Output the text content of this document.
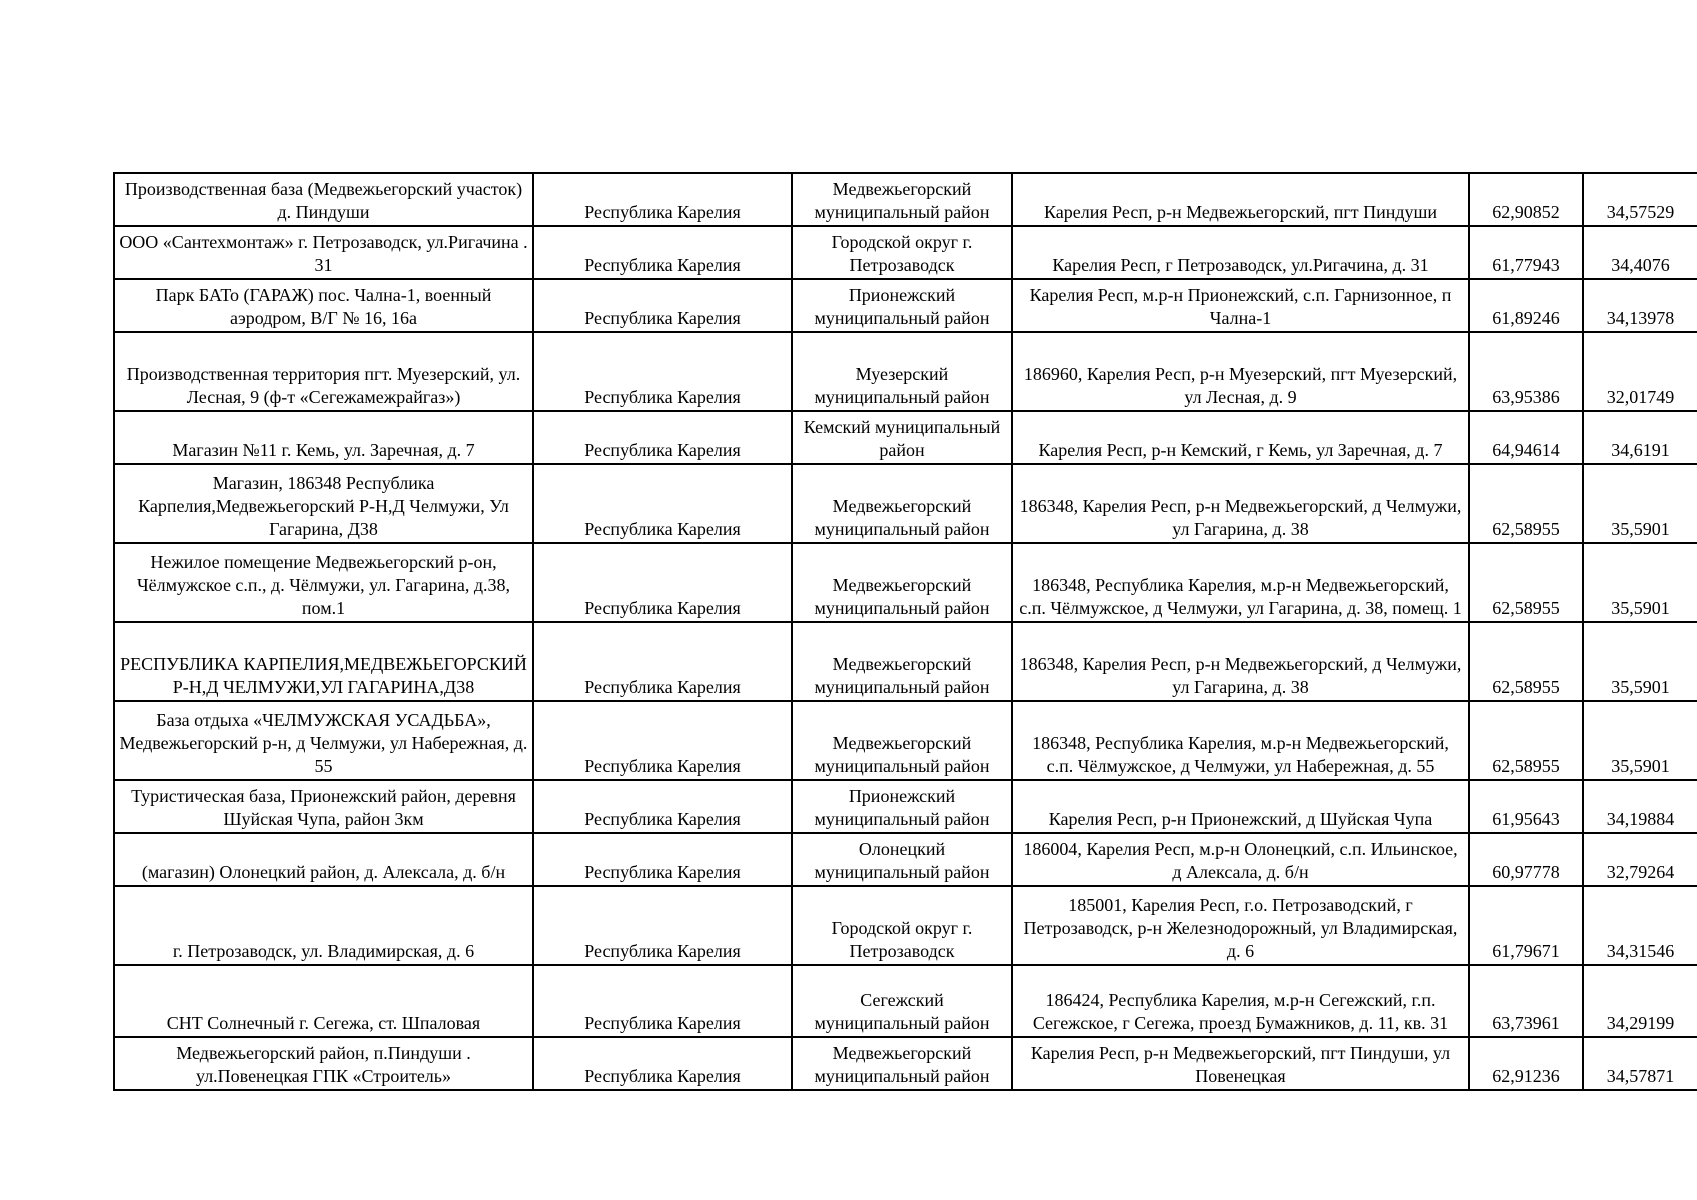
Производственная база (Медвежьегорский участок) д. Пиндуши	Республика Карелия	Медвежьегорский муниципальный район	Карелия Респ, р-н Медвежьегорский, пгт Пиндуши	62,90852	34,57529
ООО «Сантехмонтаж» г. Петрозаводск, ул.Ригачина . 31	Республика Карелия	Городской округ г. Петрозаводск	Карелия Респ, г Петрозаводск, ул.Ригачина, д. 31	61,77943	34,4076
Парк БАТо (ГАРАЖ) пос. Чална-1, военный аэродром, В/Г № 16, 16а	Республика Карелия	Прионежский муниципальный район	Карелия Респ, м.р-н Прионежский, с.п. Гарнизонное, п Чална-1	61,89246	34,13978
Производственная территория пгт. Муезерский, ул. Лесная, 9 (ф-т «Сегежамежрайгаз»)	Республика Карелия	Муезерский муниципальный район	186960, Карелия Респ, р-н Муезерский, пгт Муезерский, ул Лесная, д. 9	63,95386	32,01749
Магазин №11 г. Кемь, ул. Заречная, д. 7	Республика Карелия	Кемский муниципальный район	Карелия Респ, р-н Кемский, г Кемь, ул Заречная, д. 7	64,94614	34,6191
Магазин, 186348 Республика Карпелия,Медвежьегорский Р-Н,Д Челмужи, Ул Гагарина, Д38	Республика Карелия	Медвежьегорский муниципальный район	186348, Карелия Респ, р-н Медвежьегорский, д Челмужи, ул Гагарина, д. 38	62,58955	35,5901
Нежилое помещение Медвежьегорский р-он, Чёлмужское с.п., д. Чёлмужи, ул. Гагарина, д.38, пом.1	Республика Карелия	Медвежьегорский муниципальный район	186348, Республика Карелия, м.р-н Медвежьегорский, с.п. Чёлмужское, д Челмужи, ул Гагарина, д. 38, помещ. 1	62,58955	35,5901
РЕСПУБЛИКА КАРПЕЛИЯ,МЕДВЕЖЬЕГОРСКИЙ Р-Н,Д ЧЕЛМУЖИ,УЛ ГАГАРИНА,Д38	Республика Карелия	Медвежьегорский муниципальный район	186348, Карелия Респ, р-н Медвежьегорский, д Челмужи, ул Гагарина, д. 38	62,58955	35,5901
База отдыха «ЧЕЛМУЖСКАЯ УСАДЬБА», Медвежьегорский р-н, д Челмужи, ул Набережная, д. 55	Республика Карелия	Медвежьегорский муниципальный район	186348, Республика Карелия, м.р-н Медвежьегорский, с.п. Чёлмужское, д Челмужи, ул Набережная, д. 55	62,58955	35,5901
Туристическая база, Прионежский район, деревня Шуйская Чупа, район 3км	Республика Карелия	Прионежский муниципальный район	Карелия Респ, р-н Прионежский, д Шуйская Чупа	61,95643	34,19884
(магазин) Олонецкий район, д. Алексала, д. б/н	Республика Карелия	Олонецкий муниципальный район	186004, Карелия Респ, м.р-н Олонецкий, с.п. Ильинское, д Алексала, д. б/н	60,97778	32,79264
г. Петрозаводск, ул. Владимирская, д. 6	Республика Карелия	Городской округ г. Петрозаводск	185001, Карелия Респ, г.о. Петрозаводский, г Петрозаводск, р-н Железнодорожный, ул Владимирская, д. 6	61,79671	34,31546
СНТ Солнечный г. Сегежа, ст. Шпаловая	Республика Карелия	Сегежский муниципальный район	186424, Республика Карелия, м.р-н Сегежский, г.п. Сегежское, г Сегежа, проезд Бумажников, д. 11, кв. 31	63,73961	34,29199
Медвежьегорский район, п.Пиндуши . ул.Повенецкая ГПК «Строитель»	Республика Карелия	Медвежьегорский муниципальный район	Карелия Респ, р-н Медвежьегорский, пгт Пиндуши, ул Повенецкая	62,91236	34,57871
